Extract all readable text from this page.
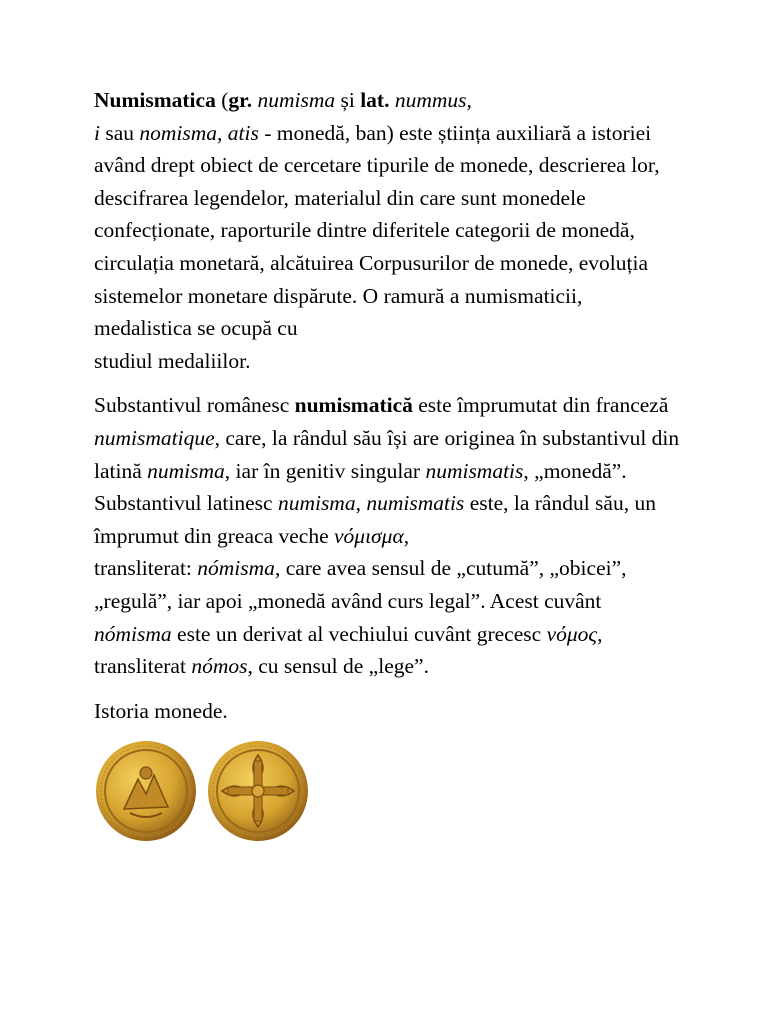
Numismatica (gr. numisma și lat. nummus,
i sau nomisma, atis - monedă, ban) este știința auxiliară a istoriei având drept obiect de cercetare tipurile de monede, descrierea lor, descifrarea legendelor, materialul din care sunt monedele confecționate, raporturile dintre diferitele categorii de monedă, circulația monetară, alcătuirea Corpusurilor de monede, evoluția sistemelor monetare dispărute. O ramură a numismaticii, medalistica se ocupă cu
studiul medaliilor.

Substantivul românesc numismatică este împrumutat din franceză numismatique, care, la rândul său își are originea în substantivul din latină numisma, iar în genitiv singular numismatis, „monedă”. Substantivul latinesc numisma, numismatis este, la rândul său, un împrumut din greaca veche νόμισμα,
transliterat: nómisma, care avea sensul de „cutumă”, „obicei”, „regulă”, iar apoi „monedă având curs legal”. Acest cuvânt nómisma este un derivat al vechiului cuvânt grecesc νόμος, transliterat nómos, cu sensul de „lege”.

Istoria monede.
